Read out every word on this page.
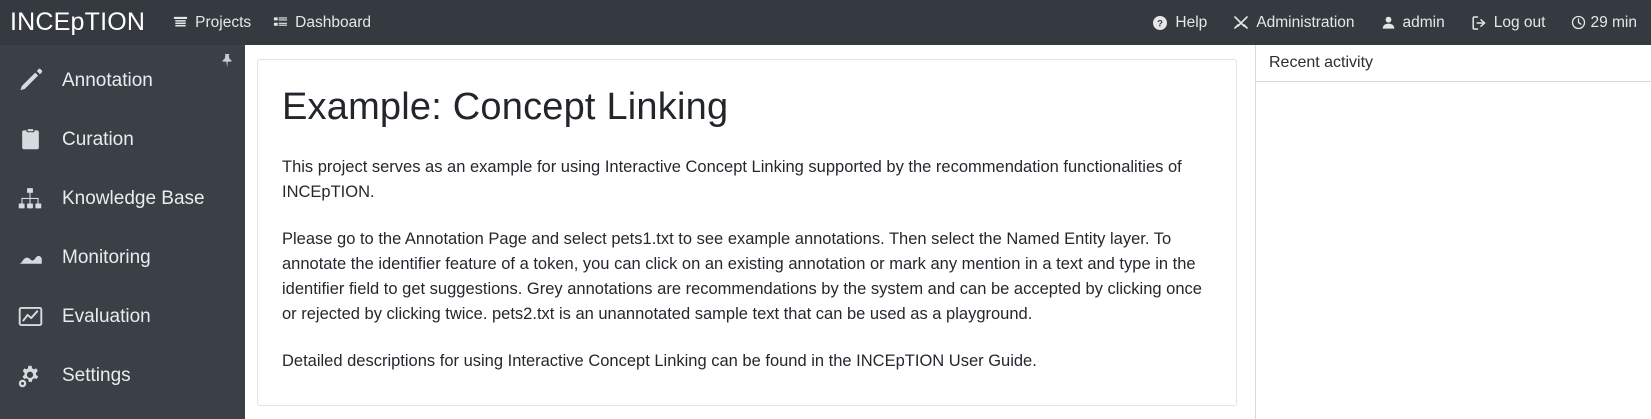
INCEpTION	Projects	Dashboard	? Help	Administration	admin	Log out	29 min
Annotation
Curation
Knowledge Base
Monitoring
Evaluation
Settings
Example: Concept Linking

This project serves as an example for using Interactive Concept Linking supported by the recommendation functionalities of INCEpTION.

Please go to the Annotation Page and select pets1.txt to see example annotations. Then select the Named Entity layer. To annotate the identifier feature of a token, you can click on an existing annotation or mark any mention in a text and type in the identifier field to get suggestions. Grey annotations are recommendations by the system and can be accepted by clicking once or rejected by clicking twice. pets2.txt is an unannotated sample text that can be used as a playground.

Detailed descriptions for using Interactive Concept Linking can be found in the INCEpTION User Guide.

Recent activity
